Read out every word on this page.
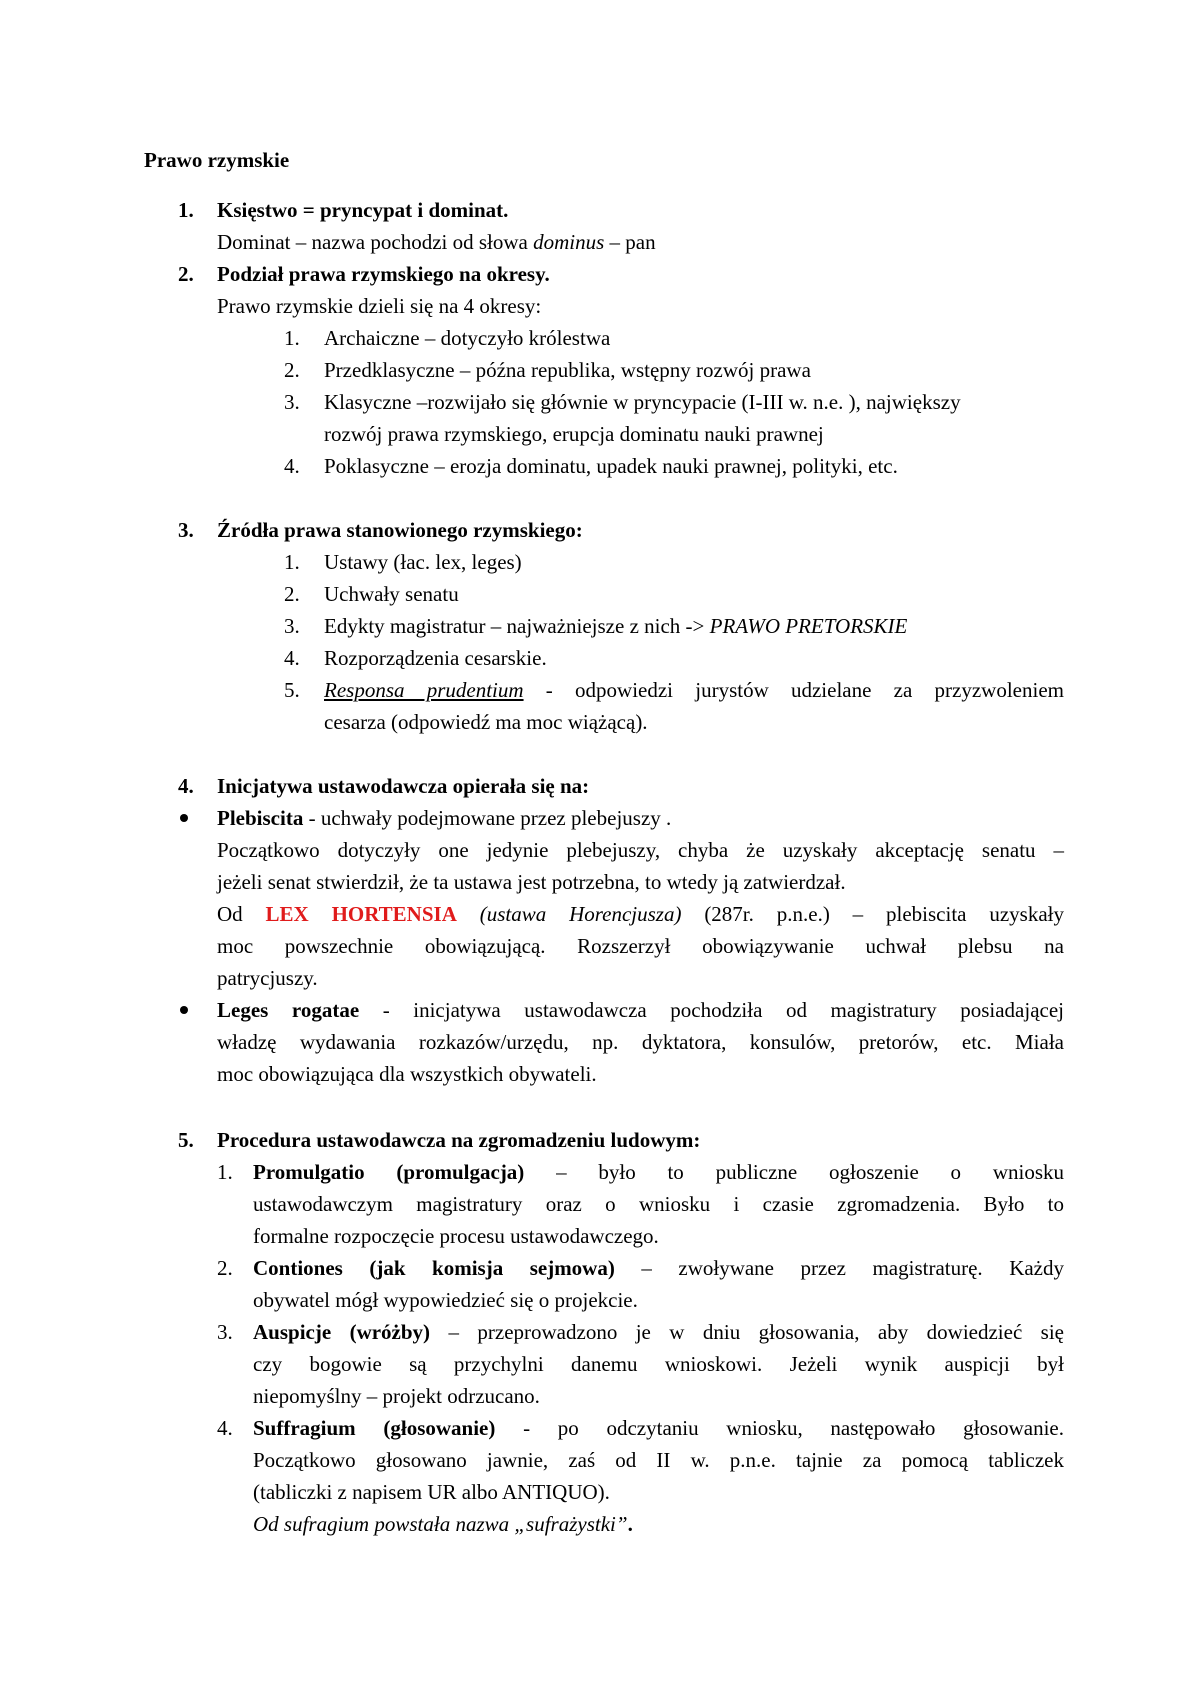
Prawo rzymskie
1. Księstwo = pryncypat i dominat.
Dominat – nazwa pochodzi od słowa dominus – pan
2. Podział prawa rzymskiego na okresy.
Prawo rzymskie dzieli się na 4 okresy:
1. Archaiczne – dotyczyło królestwa
2. Przedklasyczne – późna republika, wstępny rozwój prawa
3. Klasyczne –rozwijało się głównie w pryncypacie (I-III w. n.e. ), największy
rozwój prawa rzymskiego, erupcja dominatu nauki prawnej
4. Poklasyczne – erozja dominatu, upadek nauki prawnej, polityki, etc.
3. Źródła prawa stanowionego rzymskiego:
1. Ustawy (łac. lex, leges)
2. Uchwały senatu
3. Edykty magistratur – najważniejsze z nich -> PRAWO PRETORSKIE
4. Rozporządzenia cesarskie.
5. Responsa prudentium - odpowiedzi jurystów udzielane za przyzwoleniem
cesarza (odpowiedź ma moc wiążącą).
4. Inicjatywa ustawodawcza opierała się na:
Plebiscita - uchwały podejmowane przez plebejuszy .
Początkowo dotyczyły one jedynie plebejuszy, chyba że uzyskały akceptację senatu –
jeżeli senat stwierdził, że ta ustawa jest potrzebna, to wtedy ją zatwierdzał.
Od LEX HORTENSIA (ustawa Horencjusza) (287r. p.n.e.) – plebiscita uzyskały
moc powszechnie obowiązującą. Rozszerzył obowiązywanie uchwał plebsu na
patrycjuszy.
Leges rogatae - inicjatywa ustawodawcza pochodziła od magistratury posiadającej
władzę wydawania rozkazów/urzędu, np. dyktatora, konsulów, pretorów, etc. Miała
moc obowiązująca dla wszystkich obywateli.
5. Procedura ustawodawcza na zgromadzeniu ludowym:
1. Promulgatio (promulgacja) – było to publiczne ogłoszenie o wniosku
ustawodawczym magistratury oraz o wniosku i czasie zgromadzenia. Było to
formalne rozpoczęcie procesu ustawodawczego.
2. Contiones (jak komisja sejmowa) – zwoływane przez magistraturę. Każdy
obywatel mógł wypowiedzieć się o projekcie.
3. Auspicje (wróżby) – przeprowadzono je w dniu głosowania, aby dowiedzieć się
czy bogowie są przychylni danemu wnioskowi. Jeżeli wynik auspicji był
niepomyślny – projekt odrzucano.
4. Suffragium (głosowanie) - po odczytaniu wniosku, następowało głosowanie.
Początkowo głosowano jawnie, zaś od II w. p.n.e. tajnie za pomocą tabliczek
(tabliczki z napisem UR albo ANTIQUO).
Od sufragium powstała nazwa „sufrażystki”.
